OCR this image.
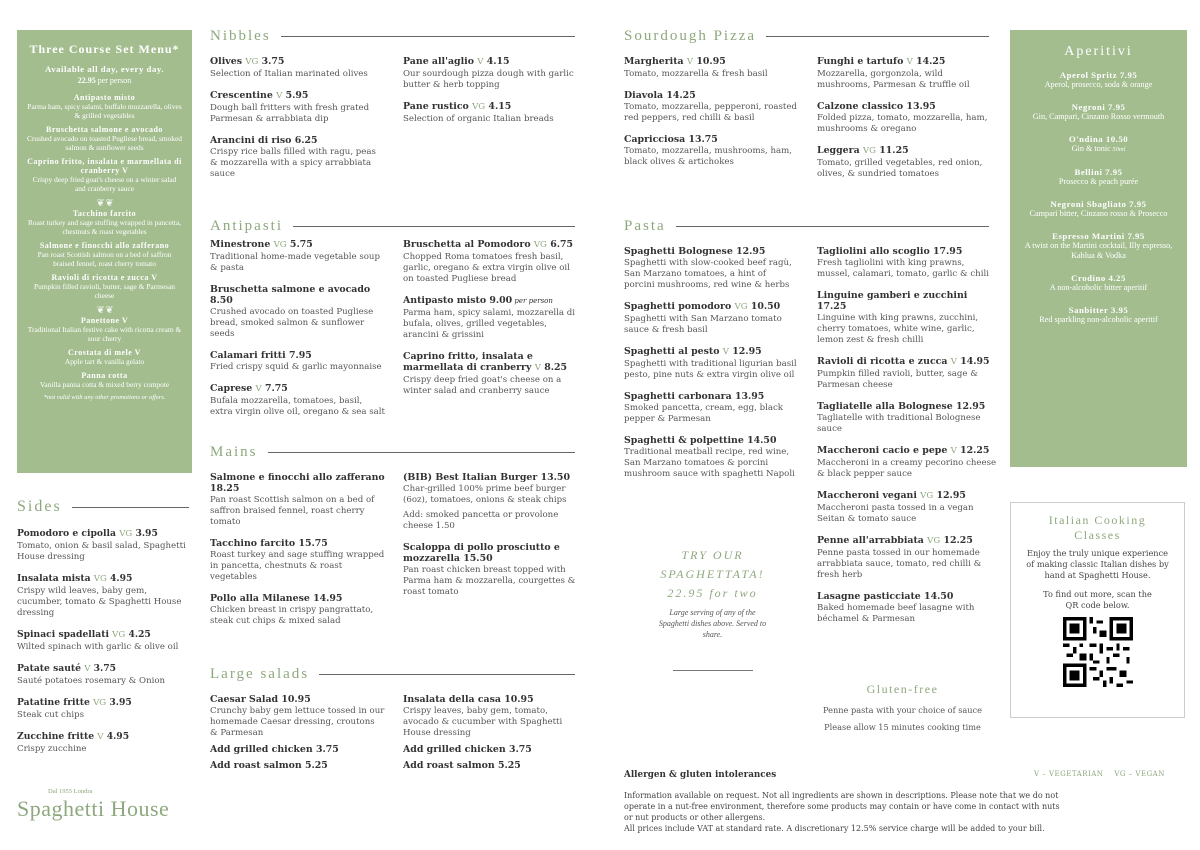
Three Course Set Menu*
Available all day, every day.
22.95 per person
Antipasto misto
Parma ham, spicy salami, buffalo mozzarella, olives & grilled vegetables
Bruschetta salmone e avocado
Crushed avocado on toasted Pugliese bread, smoked salmon & sunflower seeds
Caprino fritto, insalata e marmellata di cranberry V
Crispy deep fried goat's cheese on a winter salad and cranberry sauce
❦ ❦
Tacchino farcito
Roast turkey and sage stuffing wrapped in pancetta, chestnuts & roast vegetables
Salmone e finocchi allo zafferano
Pan roast Scottish salmon on a bed of saffron braised fennel, roast cherry tomato
Ravioli di ricotta e zucca V
Pumpkin filled ravioli, butter, sage & Parmesan cheese
❦ ❦
Panettone V
Traditional Italian festive cake with ricotta cream & sour cherry
Crostata di mele V
Apple tart & vanilla gelato
Panna cotta
Vanilla panna cotta & mixed berry compote
*not valid with any other promotions or offers.
Sides
Pomodoro e cipolla VG 3.95
Tomato, onion & basil salad, Spaghetti House dressing
Insalata mista VG 4.95
Crispy wild leaves, baby gem, cucumber, tomato & Spaghetti House dressing
Spinaci spadellati VG 4.25
Wilted spinach with garlic & olive oil
Patate sauté V 3.75
Sauté potatoes rosemary & Onion
Patatine fritte VG 3.95
Steak cut chips
Zucchine fritte V 4.95
Crispy zucchine
Dal 1955 Londra
Spaghetti House
Nibbles
Olives VG 3.75
Selection of Italian marinated olives
Crescentine V 5.95
Dough ball fritters with fresh grated Parmesan & arrabbiata dip
Arancini di riso 6.25
Crispy rice balls filled with ragu, peas & mozzarella with a spicy arrabbiata sauce
Pane all'aglio V 4.15
Our sourdough pizza dough with garlic butter & herb topping
Pane rustico VG 4.15
Selection of organic Italian breads
Antipasti
Minestrone VG 5.75
Traditional home-made vegetable soup & pasta
Bruschetta salmone e avocado 8.50
Crushed avocado on toasted Pugliese bread, smoked salmon & sunflower seeds
Calamari fritti 7.95
Fried crispy squid & garlic mayonnaise
Caprese V 7.75
Bufala mozzarella, tomatoes, basil, extra virgin olive oil, oregano & sea salt
Bruschetta al Pomodoro VG 6.75
Chopped Roma tomatoes fresh basil, garlic, oregano & extra virgin olive oil on toasted Pugliese bread
Antipasto misto 9.00 per person
Parma ham, spicy salami, mozzarella di bufala, olives, grilled vegetables, arancini & grissini
Caprino fritto, insalata e marmellata di cranberry V 8.25
Crispy deep fried goat's cheese on a winter salad and cranberry sauce
Mains
Salmone e finocchi allo zafferano 18.25
Pan roast Scottish salmon on a bed of saffron braised fennel, roast cherry tomato
Tacchino farcito 15.75
Roast turkey and sage stuffing wrapped in pancetta, chestnuts & roast vegetables
Pollo alla Milanese 14.95
Chicken breast in crispy pangrattato, steak cut chips & mixed salad
(BIB) Best Italian Burger 13.50
Char-grilled 100% prime beef burger (6oz), tomatoes, onions & steak chips
Add: smoked pancetta or provolone cheese 1.50
Scaloppa di pollo prosciutto e mozzarella 15.50
Pan roast chicken breast topped with Parma ham & mozzarella, courgettes & roast tomato
Large salads
Caesar Salad 10.95
Crunchy baby gem lettuce tossed in our homemade Caesar dressing, croutons & Parmesan
Add grilled chicken 3.75
Add roast salmon 5.25
Insalata della casa 10.95
Crispy leaves, baby gem, tomato, avocado & cucumber with Spaghetti House dressing
Add grilled chicken 3.75
Add roast salmon 5.25
Sourdough Pizza
Margherita V 10.95
Tomato, mozzarella & fresh basil
Diavola 14.25
Tomato, mozzarella, pepperoni, roasted red peppers, red chilli & basil
Capricciosa 13.75
Tomato, mozzarella, mushrooms, ham, black olives & artichokes
Funghi e tartufo V 14.25
Mozzarella, gorgonzola, wild mushrooms, Parmesan & truffle oil
Calzone classico 13.95
Folded pizza, tomato, mozzarella, ham, mushrooms & oregano
Leggera VG 11.25
Tomato, grilled vegetables, red onion, olives, & sundried tomatoes
Pasta
Spaghetti Bolognese 12.95
Spaghetti with slow-cooked beef ragù, San Marzano tomatoes, a hint of porcini mushrooms, red wine & herbs
Spaghetti pomodoro VG 10.50
Spaghetti with San Marzano tomato sauce & fresh basil
Spaghetti al pesto V 12.95
Spaghetti with traditional ligurian basil pesto, pine nuts & extra virgin olive oil
Spaghetti carbonara 13.95
Smoked pancetta, cream, egg, black pepper & Parmesan
Spaghetti & polpettine 14.50
Traditional meatball recipe, red wine, San Marzano tomatoes & porcini mushroom sauce with spaghetti Napoli
Tagliolini allo scoglio 17.95
Fresh tagliolini with king prawns, mussel, calamari, tomato, garlic & chili
Linguine gamberi e zucchini 17.25
Linguine with king prawns, zucchini, cherry tomatoes, white wine, garlic, lemon zest & fresh chilli
Ravioli di ricotta e zucca V 14.95
Pumpkin filled ravioli, butter, sage & Parmesan cheese
Tagliatelle alla Bolognese 12.95
Tagliatelle with traditional Bolognese sauce
Maccheroni cacio e pepe V 12.25
Maccheroni in a creamy pecorino cheese & black pepper sauce
Maccheroni vegani VG 12.95
Maccheroni pasta tossed in a vegan Seitan & tomato sauce
Penne all'arrabbiata VG 12.25
Penne pasta tossed in our homemade arrabbiata sauce, tomato, red chilli & fresh herb
Lasagne pasticciate 14.50
Baked homemade beef lasagne with béchamel & Parmesan
TRY OUR
SPAGHETTATA!
22.95 for two
Large serving of any of the Spaghetti dishes above. Served to share.
Gluten-free
Penne pasta with your choice of sauce
Please allow 15 minutes cooking time
Aperitivi
Aperol Spritz 7.95
Aperol, prosecco, soda & orange
Negroni 7.95
Gin, Campari, Cinzano Rosso vermouth
O'ndina 10.50
Gin & tonic 50ml
Bellini 7.95
Prosecco & peach purée
Negroni Sbagliato 7.95
Campari bitter, Cinzano rosso & Prosecco
Espresso Martini 7.95
A twist on the Martini cocktail, Illy espresso, Kahlua & Vodka
Crodino 4.25
A non-alcoholic bitter aperitif
Sanbitter 3.95
Red sparkling non-alcoholic aperitif
Italian Cooking Classes
Enjoy the truly unique experience of making classic Italian dishes by hand at Spaghetti House.
To find out more, scan the QR code below.
Allergen & gluten intolerances	V – VEGETARIAN    VG – VEGAN
Information available on request. Not all ingredients are shown in descriptions. Please note that we do not operate in a nut-free environment, therefore some products may contain or have come in contact with nuts or nut products or other allergens.
All prices include VAT at standard rate. A discretionary 12.5% service charge will be added to your bill.
